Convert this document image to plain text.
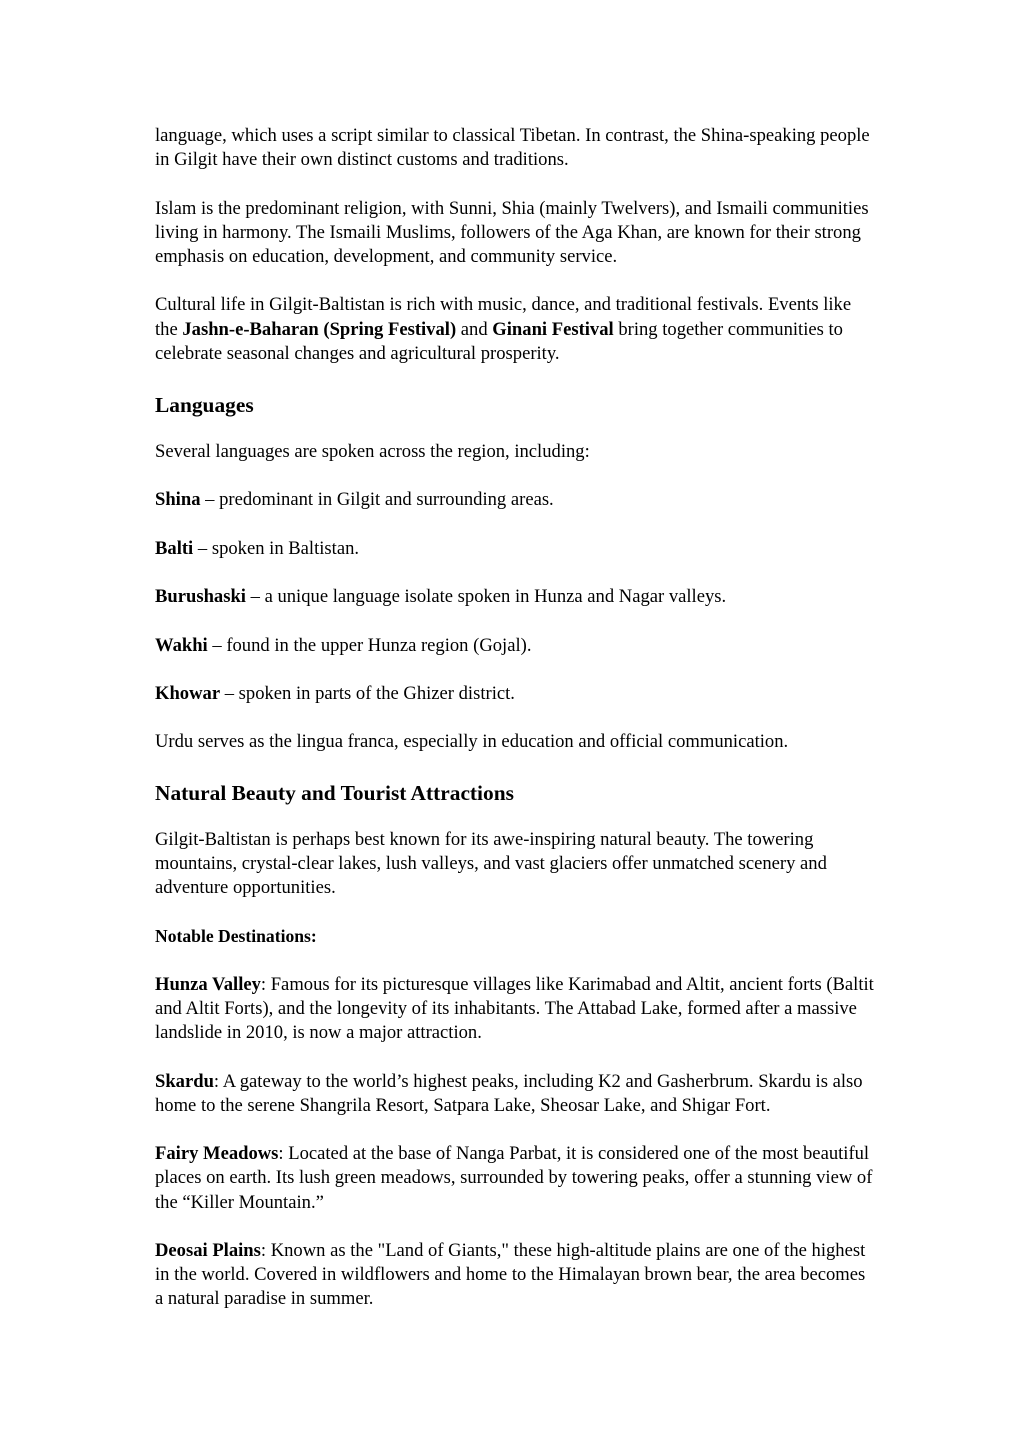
language, which uses a script similar to classical Tibetan. In contrast, the Shina-speaking people in Gilgit have their own distinct customs and traditions.

Islam is the predominant religion, with Sunni, Shia (mainly Twelvers), and Ismaili communities living in harmony. The Ismaili Muslims, followers of the Aga Khan, are known for their strong emphasis on education, development, and community service.

Cultural life in Gilgit-Baltistan is rich with music, dance, and traditional festivals. Events like the Jashn-e-Baharan (Spring Festival) and Ginani Festival bring together communities to celebrate seasonal changes and agricultural prosperity.

Languages

Several languages are spoken across the region, including:

Shina – predominant in Gilgit and surrounding areas.

Balti – spoken in Baltistan.

Burushaski – a unique language isolate spoken in Hunza and Nagar valleys.

Wakhi – found in the upper Hunza region (Gojal).

Khowar – spoken in parts of the Ghizer district.

Urdu serves as the lingua franca, especially in education and official communication.

Natural Beauty and Tourist Attractions

Gilgit-Baltistan is perhaps best known for its awe-inspiring natural beauty. The towering mountains, crystal-clear lakes, lush valleys, and vast glaciers offer unmatched scenery and adventure opportunities.

Notable Destinations:

Hunza Valley: Famous for its picturesque villages like Karimabad and Altit, ancient forts (Baltit and Altit Forts), and the longevity of its inhabitants. The Attabad Lake, formed after a massive landslide in 2010, is now a major attraction.

Skardu: A gateway to the world’s highest peaks, including K2 and Gasherbrum. Skardu is also home to the serene Shangrila Resort, Satpara Lake, Sheosar Lake, and Shigar Fort.

Fairy Meadows: Located at the base of Nanga Parbat, it is considered one of the most beautiful places on earth. Its lush green meadows, surrounded by towering peaks, offer a stunning view of the “Killer Mountain.”

Deosai Plains: Known as the "Land of Giants," these high-altitude plains are one of the highest in the world. Covered in wildflowers and home to the Himalayan brown bear, the area becomes a natural paradise in summer.
